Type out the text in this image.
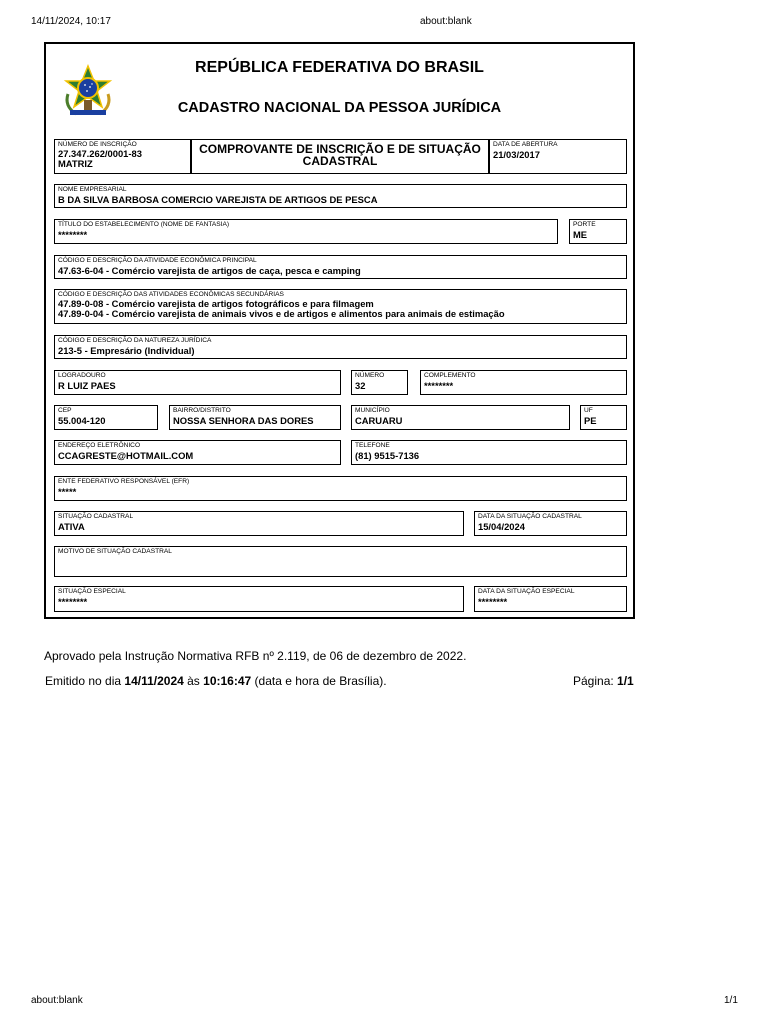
14/11/2024, 10:17	about:blank
REPÚBLICA FEDERATIVA DO BRASIL
CADASTRO NACIONAL DA PESSOA JURÍDICA
NÚMERO DE INSCRIÇÃO
27.347.262/0001-83
MATRIZ
COMPROVANTE DE INSCRIÇÃO E DE SITUAÇÃO CADASTRAL
DATA DE ABERTURA
21/03/2017
NOME EMPRESARIAL
B DA SILVA BARBOSA COMERCIO VAREJISTA DE ARTIGOS DE PESCA
TÍTULO DO ESTABELECIMENTO (NOME DE FANTASIA)
********
PORTE
ME
CÓDIGO E DESCRIÇÃO DA ATIVIDADE ECONÔMICA PRINCIPAL
47.63-6-04 - Comércio varejista de artigos de caça, pesca e camping
CÓDIGO E DESCRIÇÃO DAS ATIVIDADES ECONÔMICAS SECUNDÁRIAS
47.89-0-08 - Comércio varejista de artigos fotográficos e para filmagem
47.89-0-04 - Comércio varejista de animais vivos e de artigos e alimentos para animais de estimação
CÓDIGO E DESCRIÇÃO DA NATUREZA JURÍDICA
213-5 - Empresário (Individual)
LOGRADOURO
R LUIZ PAES
NÚMERO
32
COMPLEMENTO
********
CEP
55.004-120
BAIRRO/DISTRITO
NOSSA SENHORA DAS DORES
MUNICÍPIO
CARUARU
UF
PE
ENDEREÇO ELETRÔNICO
CCAGRESTE@HOTMAIL.COM
TELEFONE
(81) 9515-7136
ENTE FEDERATIVO RESPONSÁVEL (EFR)
*****
SITUAÇÃO CADASTRAL
ATIVA
DATA DA SITUAÇÃO CADASTRAL
15/04/2024
MOTIVO DE SITUAÇÃO CADASTRAL
SITUAÇÃO ESPECIAL
********
DATA DA SITUAÇÃO ESPECIAL
********
Aprovado pela Instrução Normativa RFB nº 2.119, de 06 de dezembro de 2022.
Emitido no dia 14/11/2024 às 10:16:47 (data e hora de Brasília).	Página: 1/1
about:blank	1/1
